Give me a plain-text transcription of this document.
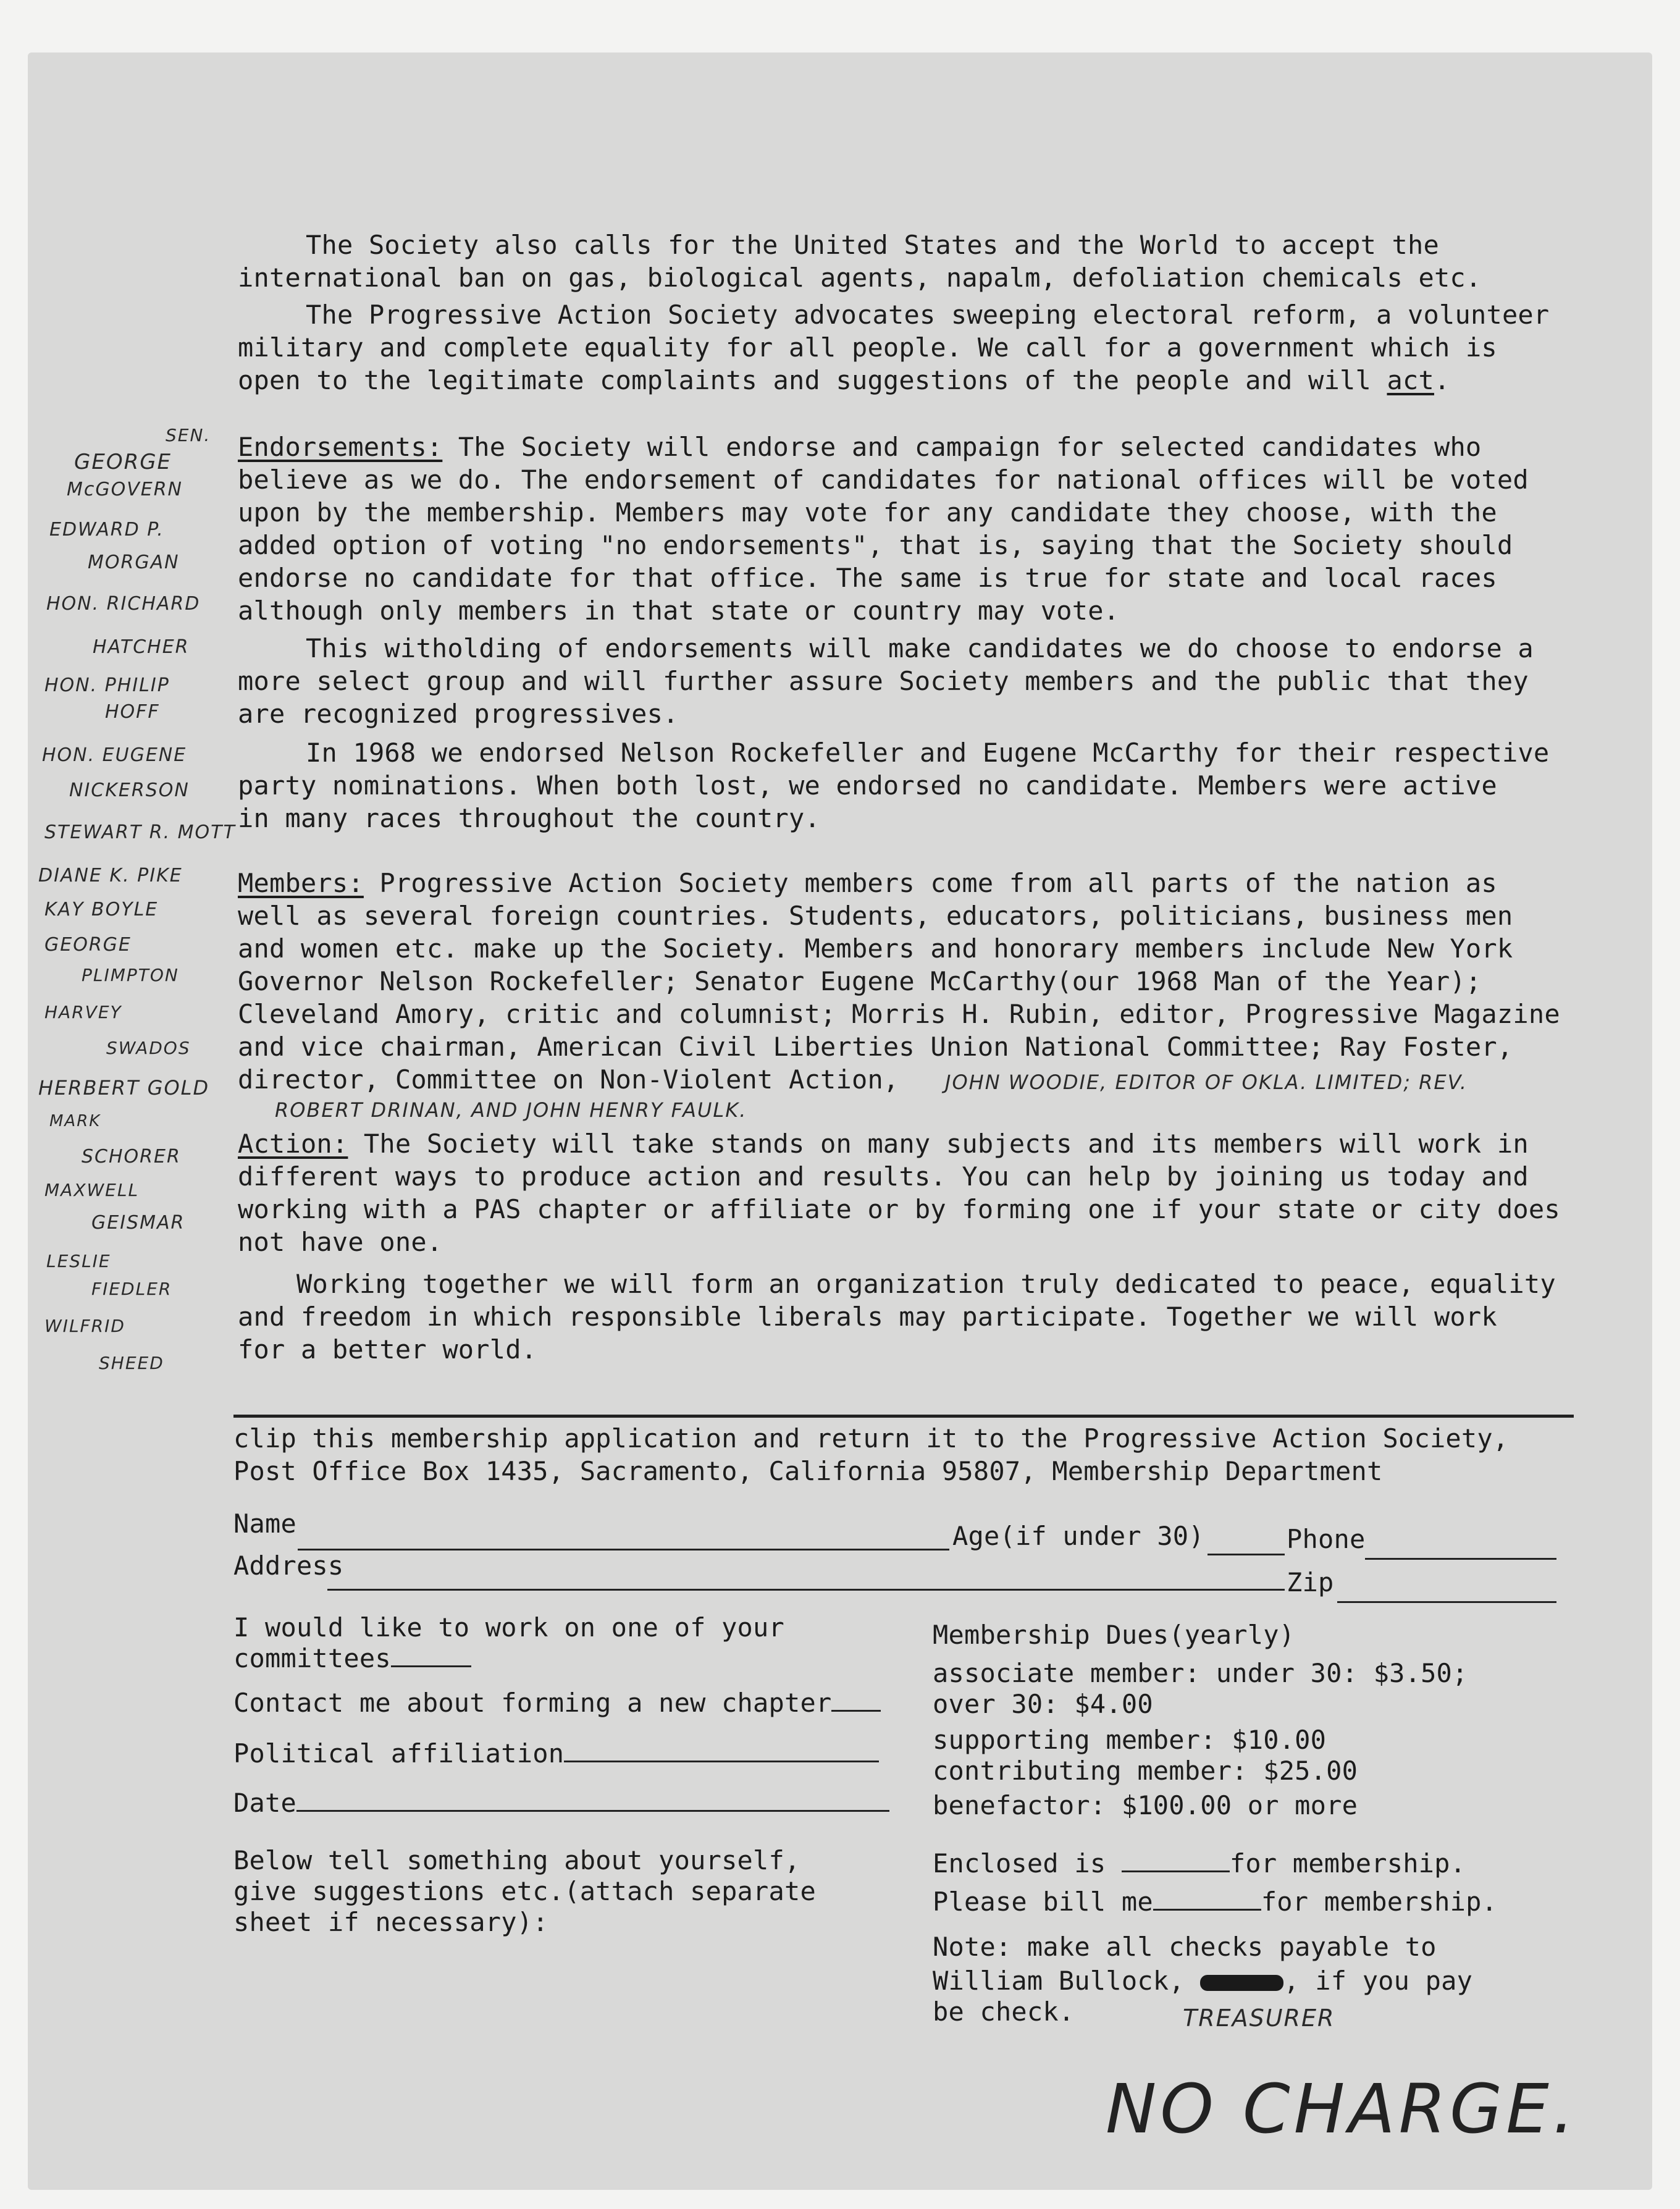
The Society also calls for the United States and the World to accept the
international ban on gas, biological agents, napalm, defoliation chemicals etc.
The Progressive Action Society advocates sweeping electoral reform, a volunteer
military and complete equality for all people. We call for a government which is
open to the legitimate complaints and suggestions of the people and will act.
Endorsements: The Society will endorse and campaign for selected candidates who
believe as we do. The endorsement of candidates for national offices will be voted
upon by the membership. Members may vote for any candidate they choose, with the
added option of voting "no endorsements", that is, saying that the Society should
endorse no candidate for that office. The same is true for state and local races
although only members in that state or country may vote.
This witholding of endorsements will make candidates we do choose to endorse a
more select group and will further assure Society members and the public that they
are recognized progressives.
In 1968 we endorsed Nelson Rockefeller and Eugene McCarthy for their respective
party nominations. When both lost, we endorsed no candidate. Members were active
in many races throughout the country.
Members: Progressive Action Society members come from all parts of the nation as
well as several foreign countries. Students, educators, politicians, business men
and women etc. make up the Society. Members and honorary members include New York
Governor Nelson Rockefeller; Senator Eugene McCarthy(our 1968 Man of the Year);
Cleveland Amory, critic and columnist; Morris H. Rubin, editor, Progressive Magazine
and vice chairman, American Civil Liberties Union National Committee; Ray Foster,
director, Committee on Non-Violent Action, JOHN WOODIE, EDITOR OF OKLA. LIMITED; REV.
ROBERT DRINAN, AND JOHN HENRY FAULK.
Action: The Society will take stands on many subjects and its members will work in
different ways to produce action and results. You can help by joining us today and
working with a PAS chapter or affiliate or by forming one if your state or city does
not have one.
Working together we will form an organization truly dedicated to peace, equality
and freedom in which responsible liberals may participate. Together we will work
for a better world.
SEN.
GEORGE
McGOVERN
EDWARD P.
MORGAN
HON. RICHARD
HATCHER
HON. PHILIP
HOFF
HON. EUGENE
NICKERSON
STEWART R. MOTT
DIANE K. PIKE
KAY BOYLE
GEORGE
PLIMPTON
HARVEY
SWADOS
HERBERT GOLD
MARK
SCHORER
MAXWELL
GEISMAR
LESLIE
FIEDLER
WILFRID
SHEED
clip this membership application and return it to the Progressive Action Society,
Post Office Box 1435, Sacramento, California 95807, Membership Department
Name	Age(if under 30)	Phone
Address
Zip
I would like to work on one of your
committees
Contact me about forming a new chapter
Political affiliation
Date
Below tell something about yourself,
give suggestions etc.(attach separate
sheet if necessary):
Membership Dues(yearly)
associate member: under 30: $3.50;
over 30: $4.00
supporting member: $10.00
contributing member: $25.00
benefactor: $100.00 or more
Enclosed is	for membership.
Please bill me	for membership.
Note: make all checks payable to
William Bullock,	, if you pay
be check.	TREASURER
NO CHARGE.
